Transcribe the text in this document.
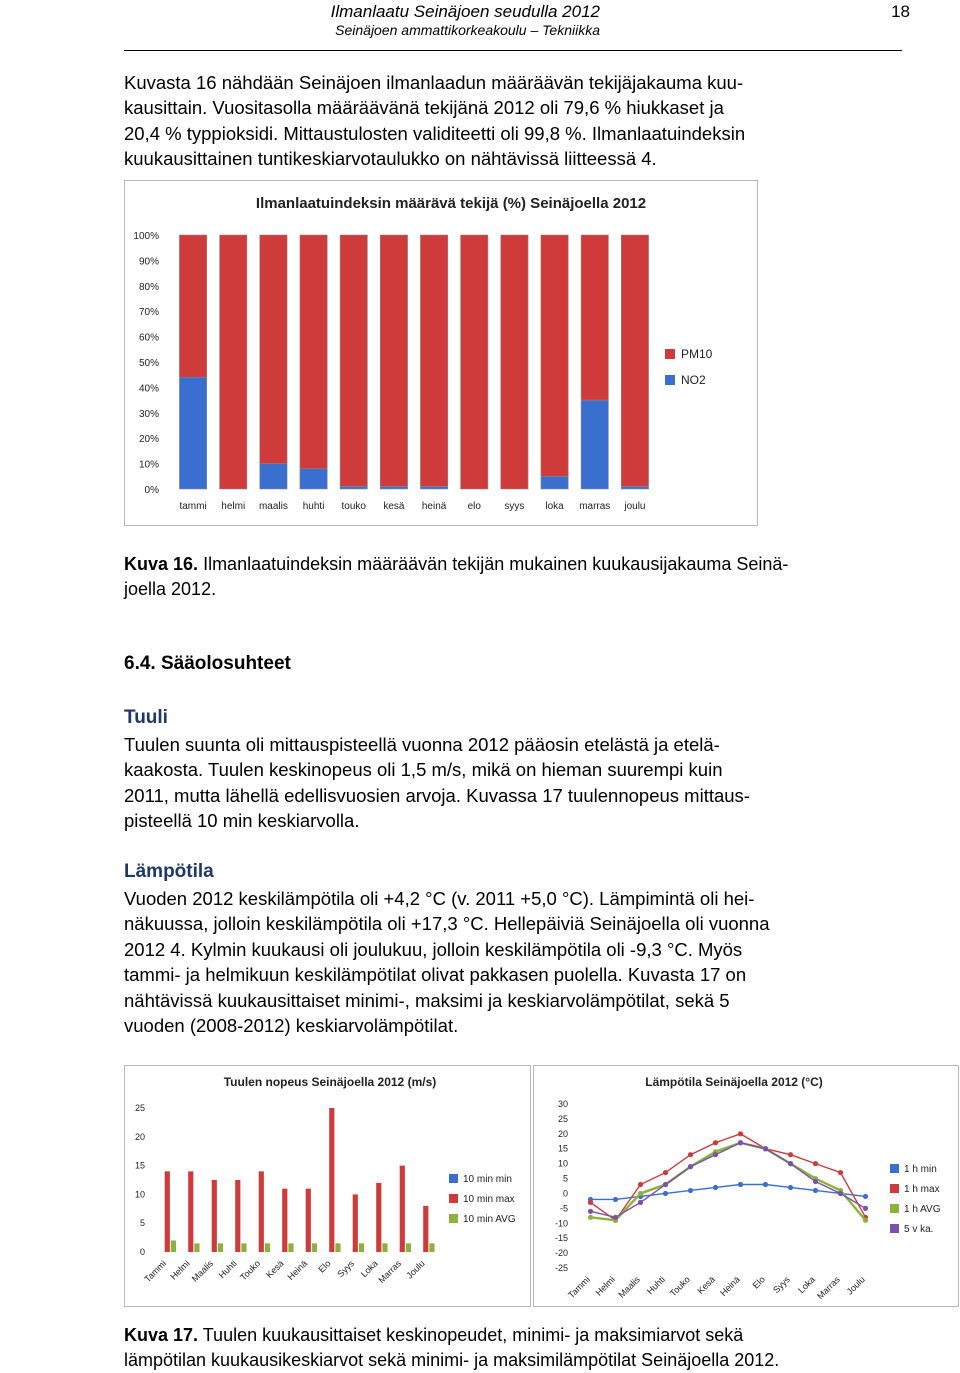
Ilmanlaatu Seinäjoen seudulla 2012
Seinäjoen ammattikorkeakoulu – Tekniikka
18
Kuvasta 16 nähdään Seinäjoen ilmanlaadun määräävän tekijäjakauma kuu-
kausittain. Vuositasolla määräävänä tekijänä 2012 oli 79,6 % hiukkaset ja
20,4 % typpioksidi. Mittaustulosten validiteetti oli 99,8 %. Ilmanlaatuindeksin
kuukausittainen tuntikeskiarvotaulukko on nähtävissä liitteessä 4.
Ilmanlaatuindeksin määrävä tekijä (%) Seinäjoella 2012
0%
10%
20%
30%
40%
50%
60%
70%
80%
90%
100%
tammi helmi maalis huhti touko kesä heinä elo syys loka marras joulu
PM10
NO2
Kuva 16. Ilmanlaatuindeksin määräävän tekijän mukainen kuukausijakauma Seinä-
joella 2012.
6.4. Sääolosuhteet
Tuuli
Tuulen suunta oli mittauspisteellä vuonna 2012 pääosin etelästä ja etelä-
kaakosta. Tuulen keskinopeus oli 1,5 m/s, mikä on hieman suurempi kuin
2011, mutta lähellä edellisvuosien arvoja. Kuvassa 17 tuulennopeus mittaus-
pisteellä 10 min keskiarvolla.
Lämpötila
Vuoden 2012 keskilämpötila oli +4,2 °C (v. 2011 +5,0 °C). Lämpimintä oli hei-
näkuussa, jolloin keskilämpötila oli +17,3 °C. Hellepäiviä Seinäjoella oli vuonna
2012 4. Kylmin kuukausi oli joulukuu, jolloin keskilämpötila oli -9,3 °C. Myös
tammi- ja helmikuun keskilämpötilat olivat pakkasen puolella. Kuvasta 17 on
nähtävissä kuukausittaiset minimi-, maksimi ja keskiarvolämpötilat, sekä 5
vuoden (2008-2012) keskiarvolämpötilat.
Tuulen nopeus Seinäjoella 2012 (m/s)
0
5
10
15
20
25
Tammi Helmi
Maalis Huhti Touko Kesä Heinä Elo Syys Loka
Marras Joulu
10 min min
10 min max
10 min AVG
Lämpötila Seinäjoella 2012 (°C)
-25
-20
-15
-10
-5
0
5
10
15
20
25
30
Tammi Helmi Maalis Huhti Touko Kesä Heinä Elo Syys Loka
Marras Joulu
1 h min
1 h max
1 h AVG
5 v ka.
Kuva 17. Tuulen kuukausittaiset keskinopeudet, minimi- ja maksimiarvot sekä
lämpötilan kuukausikeskiarvot sekä minimi- ja maksimilämpötilat Seinäjoella 2012.
